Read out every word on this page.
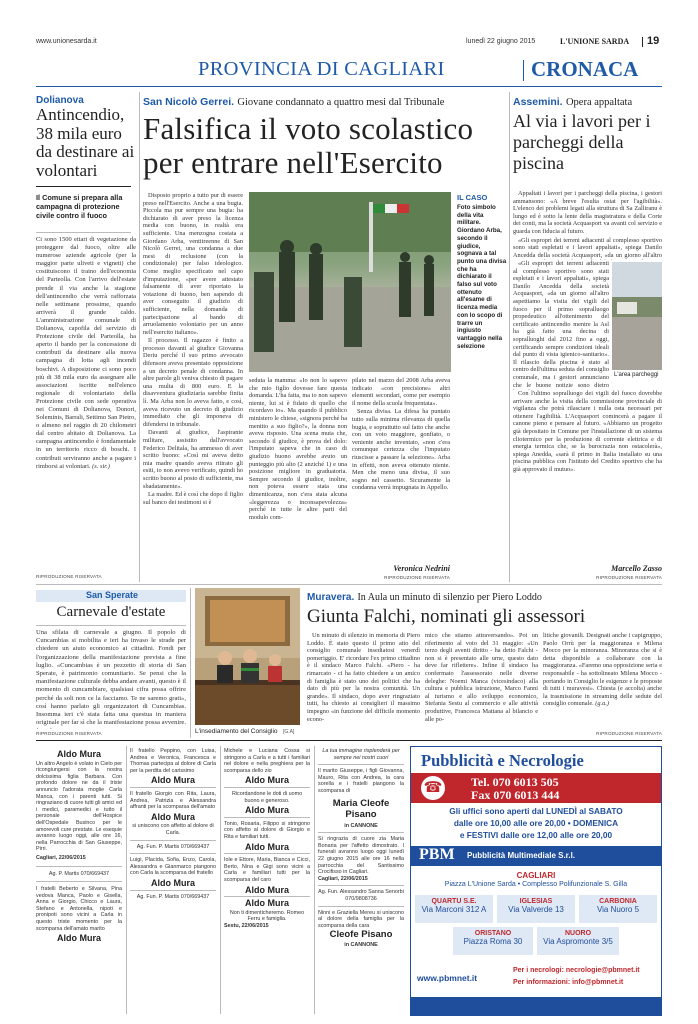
www.unionesarda.it	lunedì 22 giugno 2015	L'UNIONE SARDA 19
PROVINCIA DI CAGLIARI	CRONACA
Dolianova
Antincendio, 38 mila euro da destinare ai volontari
Il Comune si prepara alla campagna di protezione civile contro il fuoco
Ci sono 1500 ettari di vegetazione da proteggere dal fuoco, oltre alle numerose aziende agricole (per la maggior parte uliveti e vigneti) che costituiscono il traino dell'economia del Parteolla. Con l'arrivo dell'estate prende il via anche la stagione dell'antincendio che verrà rafforzata nelle settimane prossime, quando arriverà il grande caldo. L'amministrazione comunale di Dolianova, capofila del servizio di Protezione civile del Parteolla, ha aperto il bando per la concessione di contributi da destinare alla nuova campagna di lotta agli incendi boschivi. A disposizione ci sono poco più di 38 mila euro da assegnare alle associazioni iscritte nell'elenco regionale di volontariato della Protezione civile con sede operativa nei Comuni di Dolianova, Donori, Soleminis, Barrali, Settimo San Pietro, o almeno nel raggio di 20 chilometri dal centro abitato di Dolianova. La campagna antincendio è fondamentale in un territorio ricco di boschi. I contributi serviranno anche a pagare i rimborsi ai volontari. (s. sir.)
RIPRODUZIONE RISERVATA
San Nicolò Gerrei. Giovane condannato a quattro mesi dal Tribunale
Falsifica il voto scolastico
per entrare nell'Esercito

Disposto proprio a tutto pur di essere preso nell'Esercito. Anche a una bugia. Piccola ma pur sempre una bugia: ha dichiarato di aver preso la licenza media con buono, in realtà era sufficiente. Una menzogna costata a Giordano Arba, ventitreenne di San Nicolò Gerrei, una condanna a due mesi di reclusione (con la condizionale) per falso ideologico. Come meglio specificato nel capo d'imputazione, «per avere attestato falsamente di aver riportato la votazione di buono, ben sapendo di aver conseguito il giudizio di sufficiente, nella domanda di partecipazione al bando di arruolamento volontario per un anno nell'esercito italiano».

Il processo. Il ragazzo è finito a processo davanti al giudice Giovanna Deriu perché il suo primo avvocato difensore aveva presentato opposizione a un decreto penale di condanna. In altre parole gli veniva chiesto di pagare una multa di 800 euro. E la disavventura giudiziaria sarebbe finita lì. Ma Arba non lo aveva fatto, e così, aveva ricevuto un decreto di giudizio immediato che gli imponeva di difendersi in tribunale.

Davanti al giudice, l'aspirante militare, assistito dall'avvocato Federico Delitala, ha ammesso di aver scritto buono: «Così mi aveva detto mia madre quando aveva ritirato gli esiti, io non avevo verificato, quindi ho scritto buono al posto di sufficiente, ma sbadatamente».

La madre. Ed è così che dopo il figlio sul banco dei testimoni si è

IL CASO
Foto simbolo della vita militare. Giordano Arba, secondo il giudice, sognava a tal punto una divisa che ha dichiarato il falso sul voto ottenuto all'esame di licenza media con lo scopo di trarre un ingiusto vantaggio nella selezione

seduta la mamma: «Io non lo sapevo che mio figlio dovesse fare questa domanda. L'ha fatta, ma io non sapevo niente, lui si è fidato di quello che ricordavo io». Ma quando il pubblico ministero le chiese, «signora perché ha mentito a suo figlio?», la donna non aveva risposto. Una scena muta che, secondo il giudice, è prova del dolo: l'imputato sapeva che in caso di giudizio buono avrebbe avuto un punteggio più alto (2 anziché 1) e una posizione migliore in graduatoria. Sempre secondo il giudice, inoltre, non poteva essere stata una dimenticanza, non c'era stata alcuna «leggerezza o inconsapevolezza» perché in tutte le altre parti del modulo com-

pilato nel marzo del 2008 Arba aveva indicato «con precisione» altri elementi secondari, come per esempio il nome della scuola frequentata».

Senza divisa. La difesa ha puntato tutto sulla minima rilevanza di quella bugia, e soprattutto sul fatto che anche con un voto maggiore, gonfiato, o veniente anche inventato, «non c'era comunque certezza che l'imputato riuscisse a passare la selezione». Arba in effetti, non aveva ottenuto niente. Men che meno una divisa, il suo sogno nel cassetto. Sicuramente la condanna verrà impugnata in Appello.

Veronica Nedrini
RIPRODUZIONE RISERVATA
Assemini. Opera appaltata
Al via i lavori per i parcheggi della piscina

Appaltati i lavori per i parcheggi della piscina, i gestori ammansono: «A breve l'esulta ostat per l'agibilità». L'elenco dei problemi legati alla struttura di Sa Zalliranu è lungo ed è sotto la lente della magistratura e della Corte dei conti, ma la società Acquasport va avanti col servizio e guarda con fiducia al futuro.

«Gli espropri dei terreni adiacenti al complesso sportivo sono stati espletati e i lavori appaltati», spiega Danilo Ancedda della società Acquasport, «da un giorno all'altro

«Gli espropri dei terreni adiacenti al complesso sportivo sono stati espletati e i lavori appaltati», spiega Danilo Ancedda della società Acquasport, «da un giorno all'altro aspettiamo la visita dei vigili del fuoco per il primo sopralluogo propedeutico all'ottenimento del certificato antincendio mentre la Asl ha già fatto una decina di sopralluoghi dal 2012 fino a oggi, certificando sempre condizioni ideali dal punto di vista igienico-sanitario». Il rilascio della piscina è stato al centro dell'ultima seduta del consiglio comunale, ma i gestori annunciano che le buone notizie sono dietro

L'area parcheggi

Con l'ultimo sopralluogo dei vigili del fuoco dovrebbe arrivare anche la visita della commissione provinciale di vigilanza che potrà rilasciare i nulla osta necessari per ottenere l'agibilità. L'Acquasport comincerà a pagare il canone pieno e pensare al futuro. «Abbiamo un progetto già depositato in Comune per l'installazione di un sistema cliotermico per la produzione di corrente elettrica e di energia termica che, se la burocrazia non ostacolerà», spiega Anedda, «sarà il primo in Italia installato su una piscina pubblica con l'istituto del Credito sportivo che ha già approvato il mutuo».

Marcello Zasso
RIPRODUZIONE RISERVATA
San Sperate
Carnevale d'estate
Una sfilata di carnevale a giugno. Il popolo di Cuncambias si mobilita e ieri ha invaso le strade per chiedere un aiuto economico ai cittadini. Fondi per l'organizzazione della manifestazione prevista a fine luglio. «Cuncambias è un pezzetto di storia di San Sperate, è patrimonio comunitario. Se pensi che la manifestazione culturale debba andare avanti, questo è il momento di cuncambiare, qualsiasi cifra possa offrire perché da soli non ce la facciamo. Te ne saremo grati», così hanno parlato gli organizzatori di Cuncambias. Insomma ieri c'è stata fatta una questua in maniera originale per far sì che la manifestazione possa avvenire.
RIPRODUZIONE RISERVATA	L'insediamento del Consiglio [G.A]
Muravera. In Aula un minuto di silenzio per Piero Loddo
Giunta Falchi, nominati gli assessori

Un minuto di silenzio in memoria di Piero Loddo. È stato questo il primo atto del consiglio comunale insediatosi venerdì pomeriggio. E' ricordare l'ex primo cittadino è il sindaco Marco Falchi. «Piero - ha rimarcato - ci ha fatto chiedere a un amico di famiglia è stato uno dei politici che ha dato di più per la nostra comunità. Un grande». Il sindaco, dopo aver ringraziato tutti, ha chiesto ai consiglieri il massimo impegno «in funzione del difficile momento econo-

mico che stiamo attraversando». Poi un riferimento al voto del 31 maggio: «Un terzo degli aventi diritto - ha detto Falchi - non si è presentato alle urne, questo dato deve far riflettere». Infine il sindaco ha confermato l'assessorato nelle diverse deleghe: Noemi Manca (vicesindaco) alla cultura e pubblica istruzione, Marco Fanni al turismo e allo sviluppo economico, Stefania Sestu al commercio e alle attività produttive, Francesca Mattana al bilancio e alle po-

litiche giovanili. Designati anche i capigruppo, Paolo Orrù per la maggioranza e Milena Mocco per la minoranza. Minoranza che si è detta disponibile a collaborare con la maggioranza. «Faremo una opposizione seria e responsabile - ha sottolineato Milena Mocco - portando in Consiglio le esigenze e le proposte di tutti i muravesi». Chiesta (e accolta) anche la trasmissione in streaming delle sedute del consiglio comunale. (g.a.)
RIPRODUZIONE RISERVATA
Aldo Mura
Un altro Angelo è volato in Cielo per ricongiungersi con la nostra dolcissima figlia Barbara. Con profondo dolore ne da il triste annuncio l'adorata moglie Carla Manca, con i parenti tutti. Si ringraziano di cuore tutti gli amici ed i medici, paramedici e tutto il personale dell'Hospice dell'Ospedale Businco per le amorevoli cure prestate. Le esequie avranno luogo oggi, alle ore 16, nella Parrocchia di San Giuseppe, Pirri.
Cagliari, 22/06/2015
Ag. P. Martis 070/669437
I fratelli Beberto e Silvana, Pina vedova Manca, Paolo e Gisella, Anna e Giorgio, Chicco e Laura, Stefano e Antonella, nipoti e pronipoti sono vicini a Carla in questo triste momento per la scomparsa dell'amato marito
Aldo Mura
Il fratello Peppino, con Luisa, Andrea e Veronica, Francesca e Thomas partecipa al dolore di Carla per la perdita del carissimo
Aldo Mura
Il fratello Giorgio con Rita, Laura, Andrea, Patrizia e Alessandra affranti per la scomparsa dell'amato
Aldo Mura
si uniscono con affetto al dolore di Carla.
Ag. Fun. P. Martis 070/669437
Luigi, Placida, Sofia, Enzo, Carola, Alessandra e Gianmarco piangono con Carla la scomparsa del fratello
Aldo Mura
Ag. Fun. P. Martis 070/669437
Michele e Luciana Cossa si stringono a Carla e a tutti i familiari nel dolore e nella preghiera per la scomparsa dello zio
Aldo Mura
Ricordandone le doti di uomo buono e generoso.
Aldo Mura
Tonio, Rosaria, Filippo si stringono con affetto al dolore di Giorgio e Rita e familiari tutti.
Aldo Mura
Iole e Ettore, Maria, Bianca e Cicci, Berto, Nina e Gigi sono vicini a Carla e familiari tutti per la scomparsa del caro
Aldo Mura
Aldo Mura
Non ti dimenticheremo. Romeo Ferru e famiglia.
Sestu, 22/06/2015
La tua immagine risplenderà per sempre nei nostri cuori
Il marito Giuseppe, i figli Giovanna, Mauro, Rita con Andrea, la cara sorella e i fratelli piangono la scomparsa di
Maria Cleofe Pisano
in CANNONE
Si ringrazia di cuore zia Maria Bonaria per l'affetto dimostrato. I funerali avranno luogo oggi lunedì 22 giugno 2015 alle ore 16 nella parrocchia del Santissimo Crocifisso in Cagliari.
Cagliari, 22/06/2015
Ag. Fun. Alessandro Sanna Senorbi 070/9808736
Ninni e Graziella Mereu si uniscono al dolore della famiglia per la scomparsa della cara
Cleofe Pisano
in CANNONE
Pubblicità e Necrologie
☎ Tel. 070 6013 505
Fax 070 6013 444
Gli uffici sono aperti dal LUNEDÌ al SABATO
dalle ore 10,00 alle ore 20,00 • DOMENICA
e FESTIVI dalle ore 12,00 alle ore 20,00
PBM Pubblicità Multimediale S.r.l.
CAGLIARI
Piazza L'Unione Sarda • Complesso Polifunzionale S. Gilla
QUARTU S.E.
Via Marconi 312 A
IGLESIAS
Via Valverde 13
CARBONIA
Via Nuoro 5
ORISTANO
Piazza Roma 30
NUORO
Via Aspromonte 3/5
www.pbmnet.it
Per i necrologi: necrologie@pbmnet.it
Per informazioni: info@pbmnet.it
